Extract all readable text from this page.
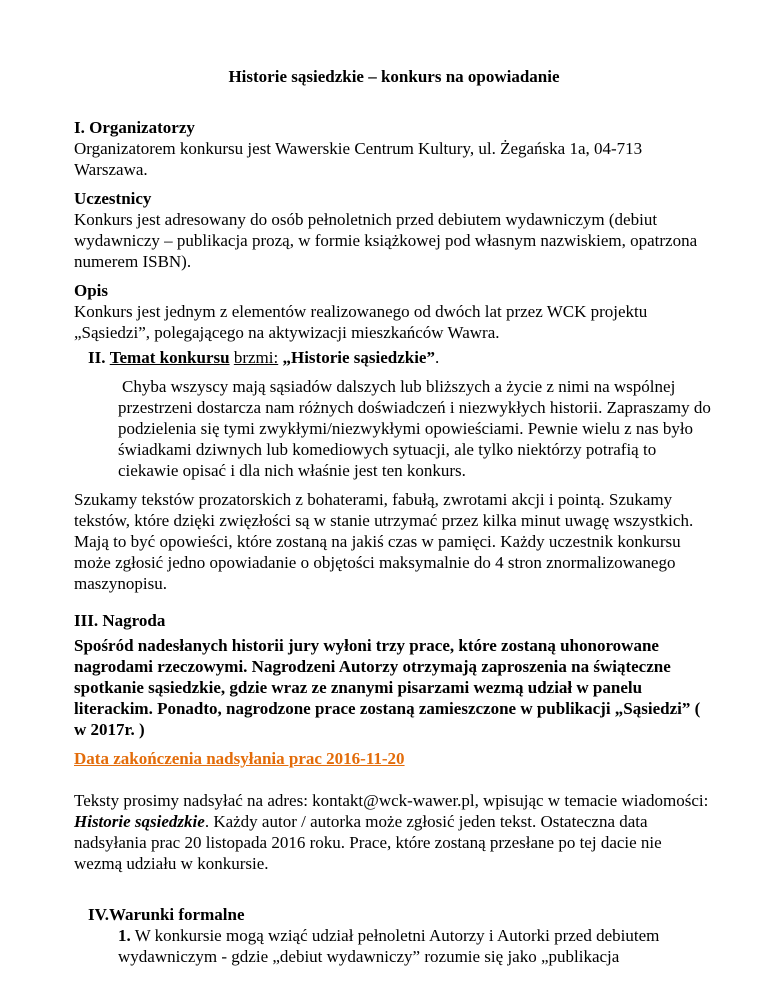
Historie sąsiedzkie – konkurs na opowiadanie
I. Organizatorzy
Organizatorem konkursu jest Wawerskie Centrum Kultury, ul. Żegańska 1a, 04-713 Warszawa.
Uczestnicy
Konkurs jest adresowany do osób pełnoletnich przed debiutem wydawniczym (debiut wydawniczy – publikacja prozą, w formie książkowej pod własnym nazwiskiem, opatrzona numerem ISBN).
Opis
Konkurs jest jednym z elementów realizowanego od dwóch lat przez WCK projektu „Sąsiedzi”, polegającego na aktywizacji mieszkańców Wawra.
II. Temat konkursu brzmi: „Historie sąsiedzkie”.
Chyba wszyscy mają sąsiadów dalszych lub bliższych a życie z nimi na wspólnej przestrzeni dostarcza nam różnych doświadczeń i niezwykłych historii. Zapraszamy do podzielenia się tymi zwykłymi/niezwykłymi opowieściami. Pewnie wielu z nas było świadkami dziwnych lub komediowych sytuacji, ale tylko niektórzy potrafią to ciekawie opisać i dla nich właśnie jest ten konkurs.
Szukamy tekstów prozatorskich z bohaterami, fabułą, zwrotami akcji i pointą. Szukamy tekstów, które dzięki zwięzłości są w stanie utrzymać przez kilka minut uwagę wszystkich. Mają to być opowieści, które zostaną na jakiś czas w pamięci. Każdy uczestnik konkursu może zgłosić jedno opowiadanie o objętości maksymalnie do 4 stron znormalizowanego maszynopisu.
III. Nagroda
Spośród nadesłanych historii jury wyłoni trzy prace, które zostaną uhonorowane nagrodami rzeczowymi. Nagrodzeni Autorzy otrzymają zaproszenia na świąteczne spotkanie sąsiedzkie, gdzie wraz ze znanymi pisarzami wezmą udział w panelu literackim. Ponadto, nagrodzone prace zostaną zamieszczone w publikacji „Sąsiedzi” ( w 2017r. )
Data zakończenia nadsyłania prac 2016-11-20
Teksty prosimy nadsyłać na adres: kontakt@wck-wawer.pl, wpisując w temacie wiadomości: Historie sąsiedzkie. Każdy autor / autorka może zgłosić jeden tekst. Ostateczna data nadsyłania prac 20 listopada 2016 roku. Prace, które zostaną przesłane po tej dacie nie wezmą udziału w konkursie.
IV.Warunki formalne
1. W konkursie mogą wziąć udział pełnoletni Autorzy i Autorki przed debiutem wydawniczym - gdzie „debiut wydawniczy” rozumie się jako „publikacja
